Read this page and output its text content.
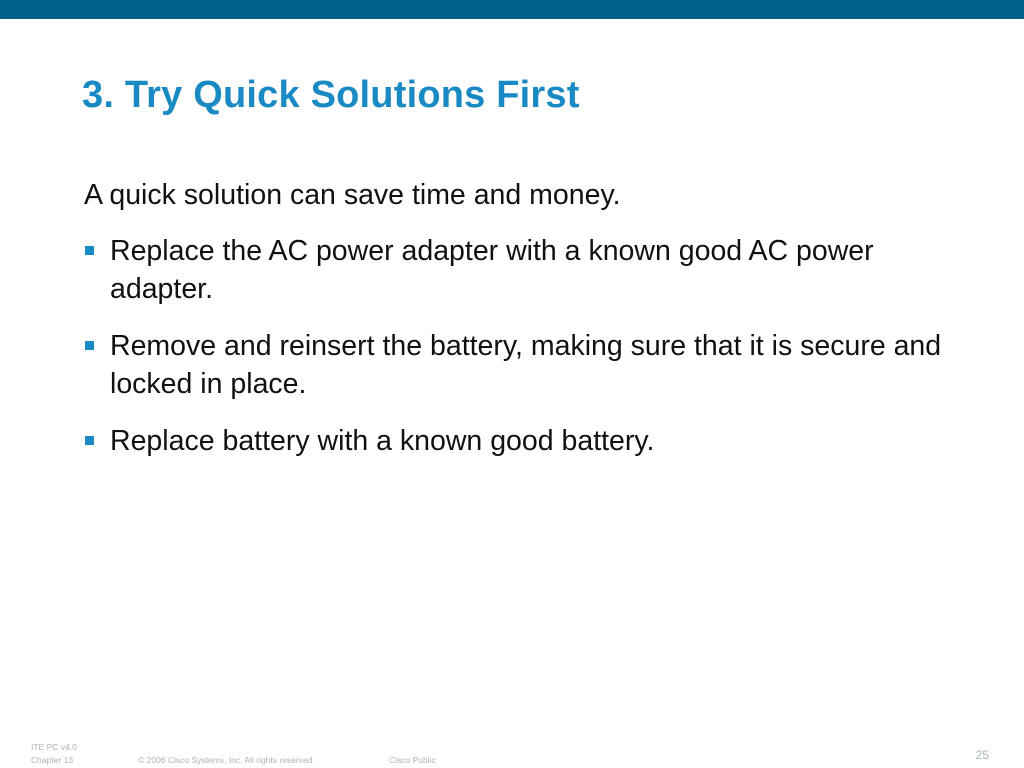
3. Try Quick Solutions First

A quick solution can save time and money.

Replace the AC power adapter with a known good AC power adapter.
Remove and reinsert the battery, making sure that it is secure and locked in place.
Replace battery with a known good battery.
ITE PC v4.0
Chapter 13	© 2006 Cisco Systems, Inc. All rights reserved.	Cisco Public	25
